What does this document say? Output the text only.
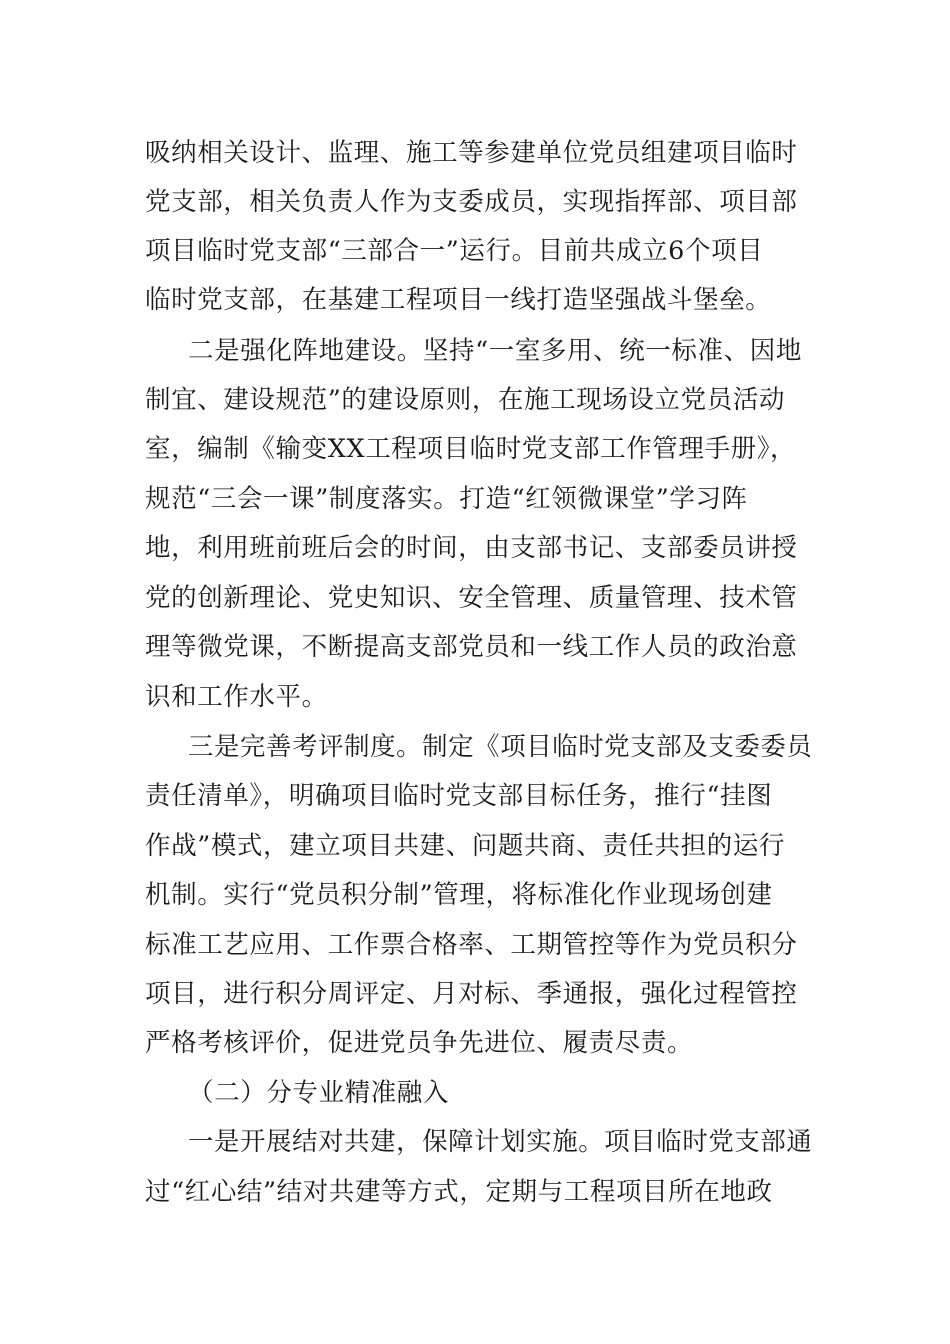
吸纳相关设计、监理、施工等参建单位党员组建项目临时
党支部，相关负责人作为支委成员，实现指挥部、项目部
项目临时党支部“三部合一”运行。目前共成立6个项目
临时党支部，在基建工程项目一线打造坚强战斗堡垒。
二是强化阵地建设。坚持“一室多用、统一标准、因地
制宜、建设规范”的建设原则，在施工现场设立党员活动
室，编制《输变XX工程项目临时党支部工作管理手册》，
规范“三会一课”制度落实。打造“红领微课堂”学习阵
地，利用班前班后会的时间，由支部书记、支部委员讲授
党的创新理论、党史知识、安全管理、质量管理、技术管
理等微党课，不断提高支部党员和一线工作人员的政治意
识和工作水平。
三是完善考评制度。制定《项目临时党支部及支委委员
责任清单》，明确项目临时党支部目标任务，推行“挂图
作战”模式，建立项目共建、问题共商、责任共担的运行
机制。实行“党员积分制”管理，将标准化作业现场创建
标准工艺应用、工作票合格率、工期管控等作为党员积分
项目，进行积分周评定、月对标、季通报，强化过程管控
严格考核评价，促进党员争先进位、履责尽责。
（二）分专业精准融入
一是开展结对共建，保障计划实施。项目临时党支部通
过“红心结”结对共建等方式，定期与工程项目所在地政
